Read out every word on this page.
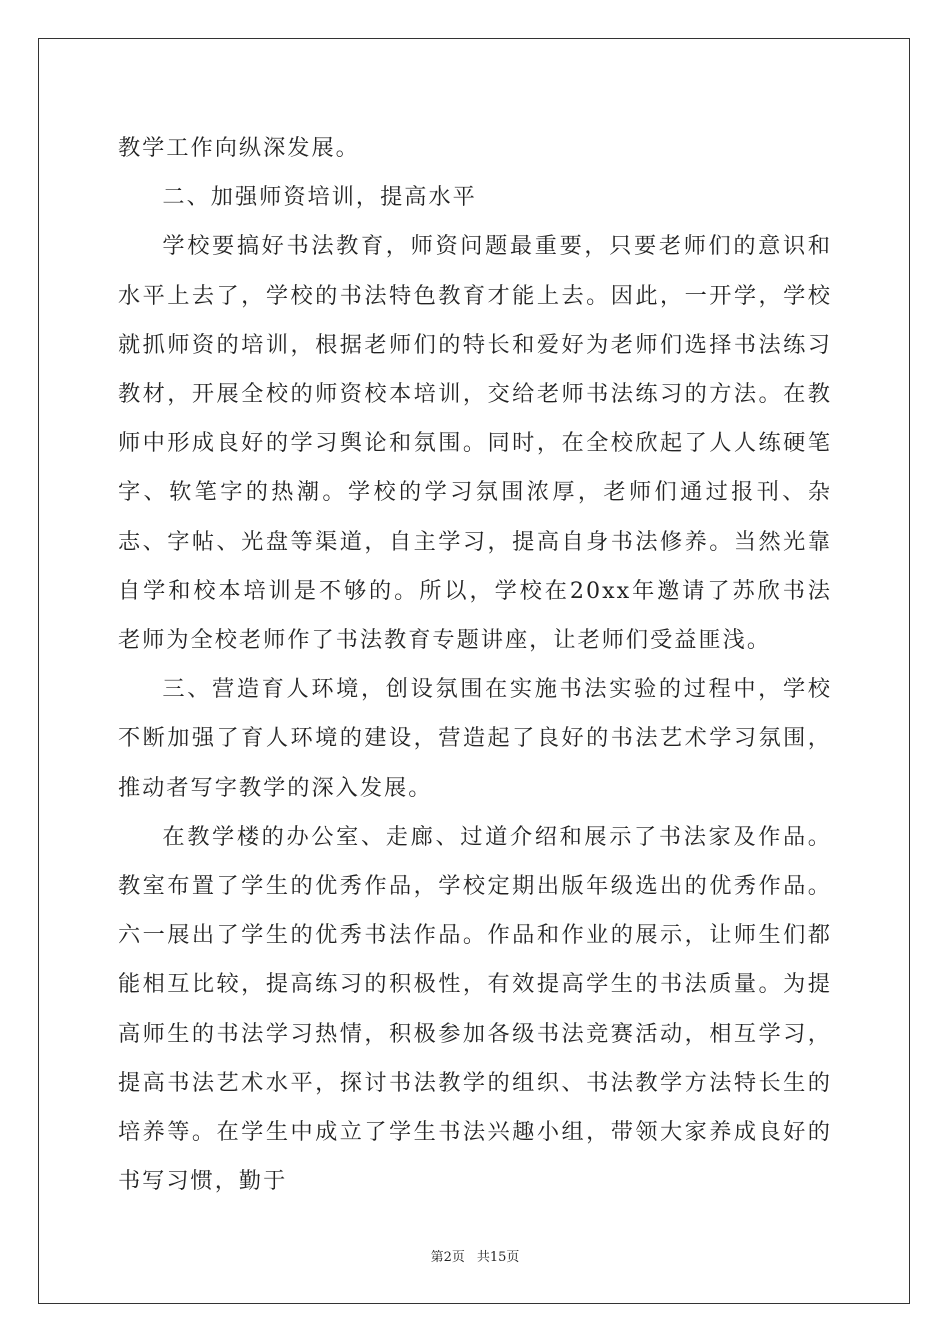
教学工作向纵深发展。

二、加强师资培训，提高水平

学校要搞好书法教育，师资问题最重要，只要老师们的意识和水平上去了，学校的书法特色教育才能上去。因此，一开学，学校就抓师资的培训，根据老师们的特长和爱好为老师们选择书法练习教材，开展全校的师资校本培训，交给老师书法练习的方法。在教师中形成良好的学习舆论和氛围。同时，在全校欣起了人人练硬笔字、软笔字的热潮。学校的学习氛围浓厚，老师们通过报刊、杂志、字帖、光盘等渠道，自主学习，提高自身书法修养。当然光靠自学和校本培训是不够的。所以，学校在20xx年邀请了苏欣书法老师为全校老师作了书法教育专题讲座，让老师们受益匪浅。

三、营造育人环境，创设氛围在实施书法实验的过程中，学校不断加强了育人环境的建设，营造起了良好的书法艺术学习氛围，推动者写字教学的深入发展。

在教学楼的办公室、走廊、过道介绍和展示了书法家及作品。教室布置了学生的优秀作品，学校定期出版年级选出的优秀作品。六一展出了学生的优秀书法作品。作品和作业的展示，让师生们都能相互比较，提高练习的积极性，有效提高学生的书法质量。为提高师生的书法学习热情，积极参加各级书法竞赛活动，相互学习，提高书法艺术水平，探讨书法教学的组织、书法教学方法特长生的培养等。在学生中成立了学生书法兴趣小组，带领大家养成良好的书写习惯，勤于

第2页 共15页
